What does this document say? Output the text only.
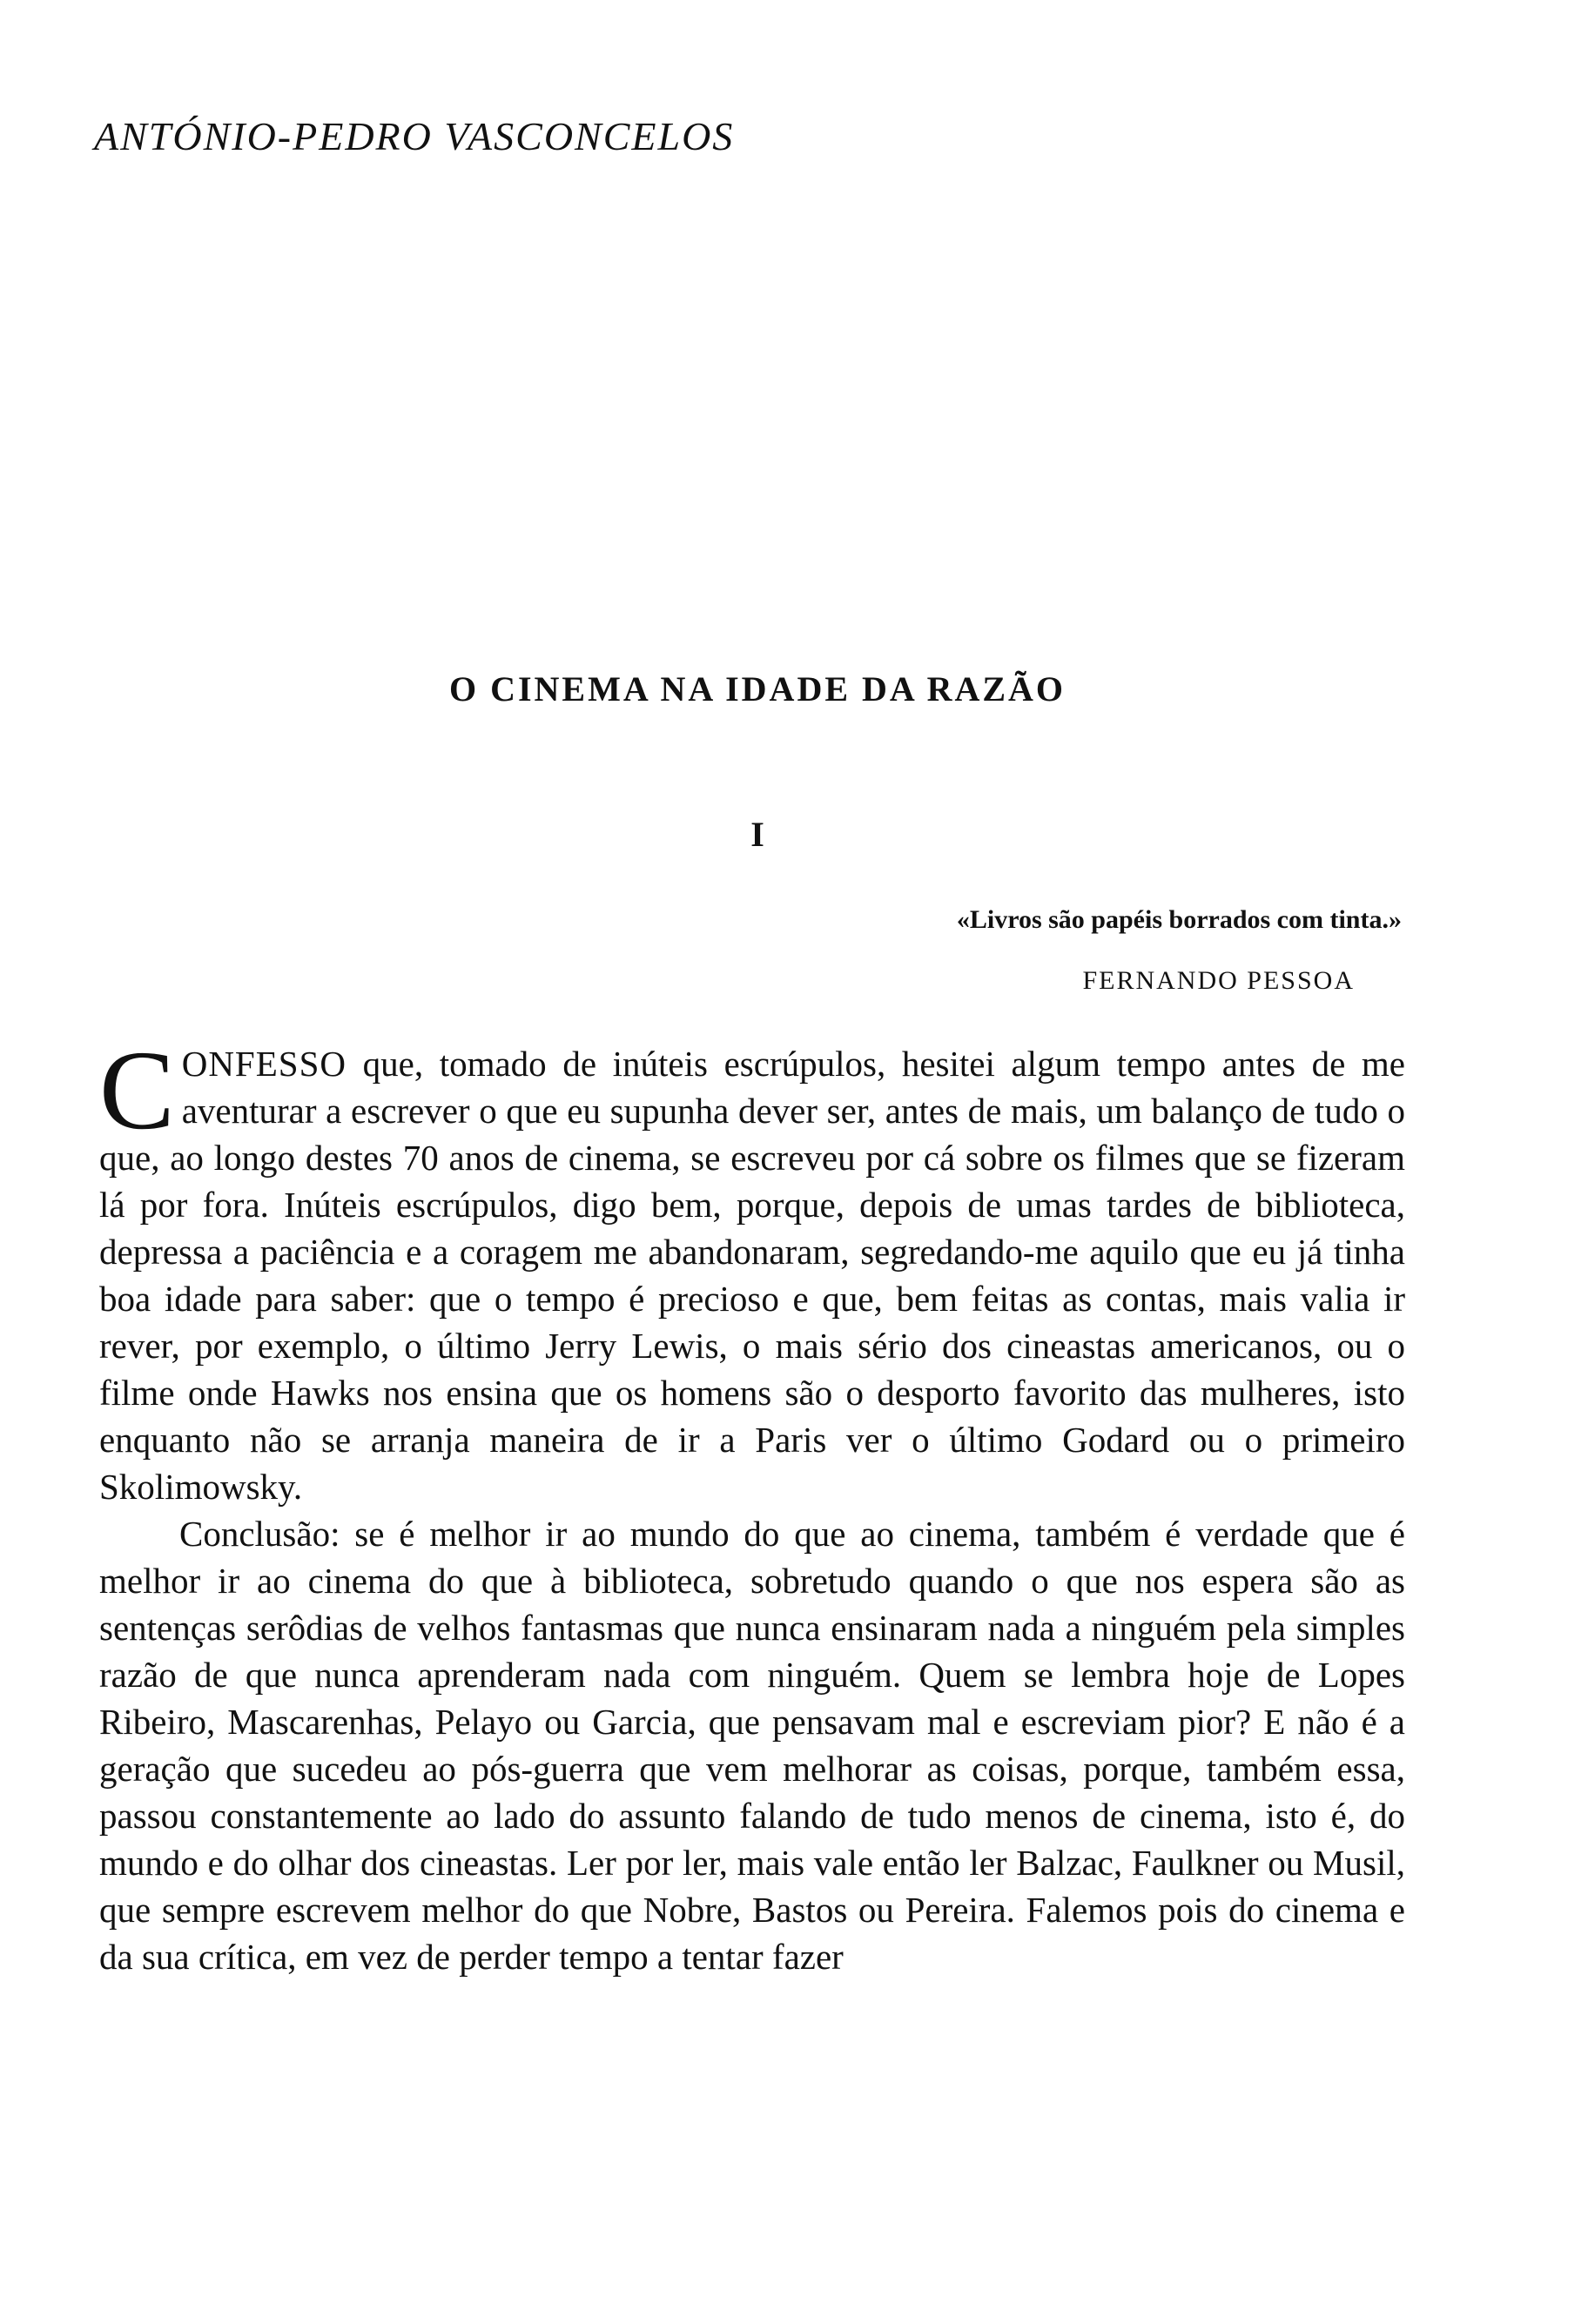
ANTÓNIO-PEDRO VASCONCELOS
O CINEMA NA IDADE DA RAZÃO
I
«Livros são papéis borrados com tinta.»
FERNANDO PESSOA

CONFESSO que, tomado de inúteis escrúpulos, hesitei algum tempo antes de me aventurar a escrever o que eu supunha dever ser, antes de mais, um balanço de tudo o que, ao longo destes 70 anos de cinema, se escreveu por cá sobre os filmes que se fizeram lá por fora. Inúteis escrúpulos, digo bem, porque, depois de umas tardes de biblioteca, depressa a paciência e a coragem me abandonaram, segredando-me aquilo que eu já tinha boa idade para saber: que o tempo é precioso e que, bem feitas as contas, mais valia ir rever, por exemplo, o último Jerry Lewis, o mais sério dos cineastas americanos, ou o filme onde Hawks nos ensina que os homens são o desporto favorito das mulheres, isto enquanto não se arranja maneira de ir a Paris ver o último Godard ou o primeiro Skolimowsky.

Conclusão: se é melhor ir ao mundo do que ao cinema, também é verdade que é melhor ir ao cinema do que à biblioteca, sobretudo quando o que nos espera são as sentenças serôdias de velhos fantasmas que nunca ensinaram nada a ninguém pela simples razão de que nunca aprenderam nada com ninguém. Quem se lembra hoje de Lopes Ribeiro, Mascarenhas, Pelayo ou Garcia, que pensavam mal e escreviam pior? E não é a geração que sucedeu ao pós-guerra que vem melhorar as coisas, porque, também essa, passou constantemente ao lado do assunto falando de tudo menos de cinema, isto é, do mundo e do olhar dos cineastas. Ler por ler, mais vale então ler Balzac, Faulkner ou Musil, que sempre escrevem melhor do que Nobre, Bastos ou Pereira. Falemos pois do cinema e da sua crítica, em vez de perder tempo a tentar fazer
